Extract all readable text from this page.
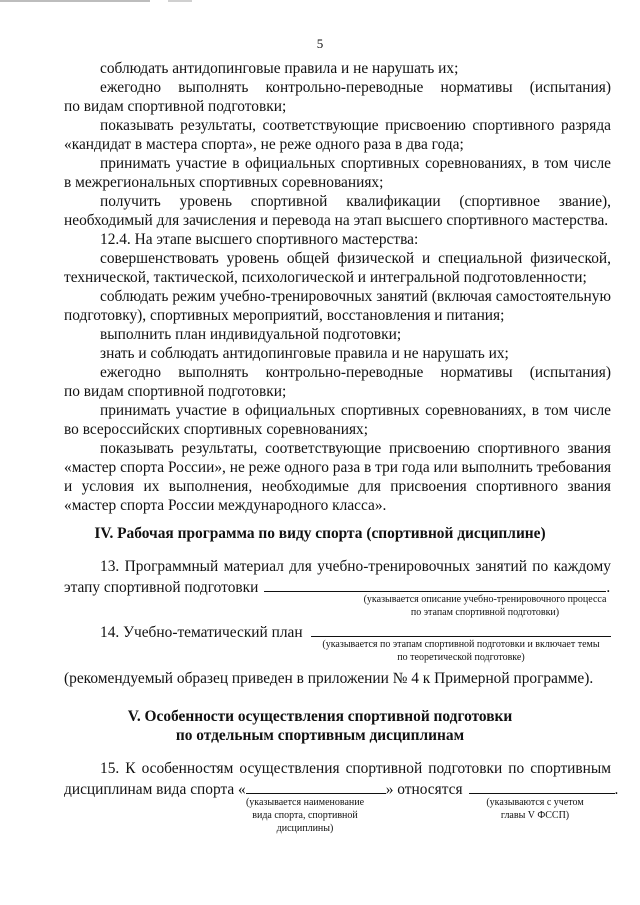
5
соблюдать антидопинговые правила и не нарушать их;
ежегодно выполнять контрольно-переводные нормативы (испытания)
по видам спортивной подготовки;
показывать результаты, соответствующие присвоению спортивного разряда
«кандидат в мастера спорта», не реже одного раза в два года;
принимать участие в официальных спортивных соревнованиях, в том числе
в межрегиональных спортивных соревнованиях;
получить уровень спортивной квалификации (спортивное звание),
необходимый для зачисления и перевода на этап высшего спортивного мастерства.
12.4. На этапе высшего спортивного мастерства:
совершенствовать уровень общей физической и специальной физической,
технической, тактической, психологической и интегральной подготовленности;
соблюдать режим учебно-тренировочных занятий (включая самостоятельную
подготовку), спортивных мероприятий, восстановления и питания;
выполнить план индивидуальной подготовки;
знать и соблюдать антидопинговые правила и не нарушать их;
ежегодно выполнять контрольно-переводные нормативы (испытания)
по видам спортивной подготовки;
принимать участие в официальных спортивных соревнованиях, в том числе
во всероссийских спортивных соревнованиях;
показывать результаты, соответствующие присвоению спортивного звания
«мастер спорта России», не реже одного раза в три года или выполнить требования
и условия их выполнения, необходимые для присвоения спортивного звания
«мастер спорта России международного класса».
IV. Рабочая программа по виду спорта (спортивной дисциплине)
13. Программный материал для учебно-тренировочных занятий по каждому
этапу спортивной подготовки	.
(указывается описание учебно-тренировочного процесса
по этапам спортивной подготовки)
14. Учебно-тематический план
(указывается по этапам спортивной подготовки и включает темы
по теоретической подготовке)
(рекомендуемый образец приведен в приложении № 4 к Примерной программе).
V. Особенности осуществления спортивной подготовки
по отдельным спортивным дисциплинам
15. К особенностям осуществления спортивной подготовки по спортивным
дисциплинам вида спорта «	» относятся	.
(указывается наименование
вида спорта, спортивной
дисциплины)
(указываются с учетом
главы V ФССП)
